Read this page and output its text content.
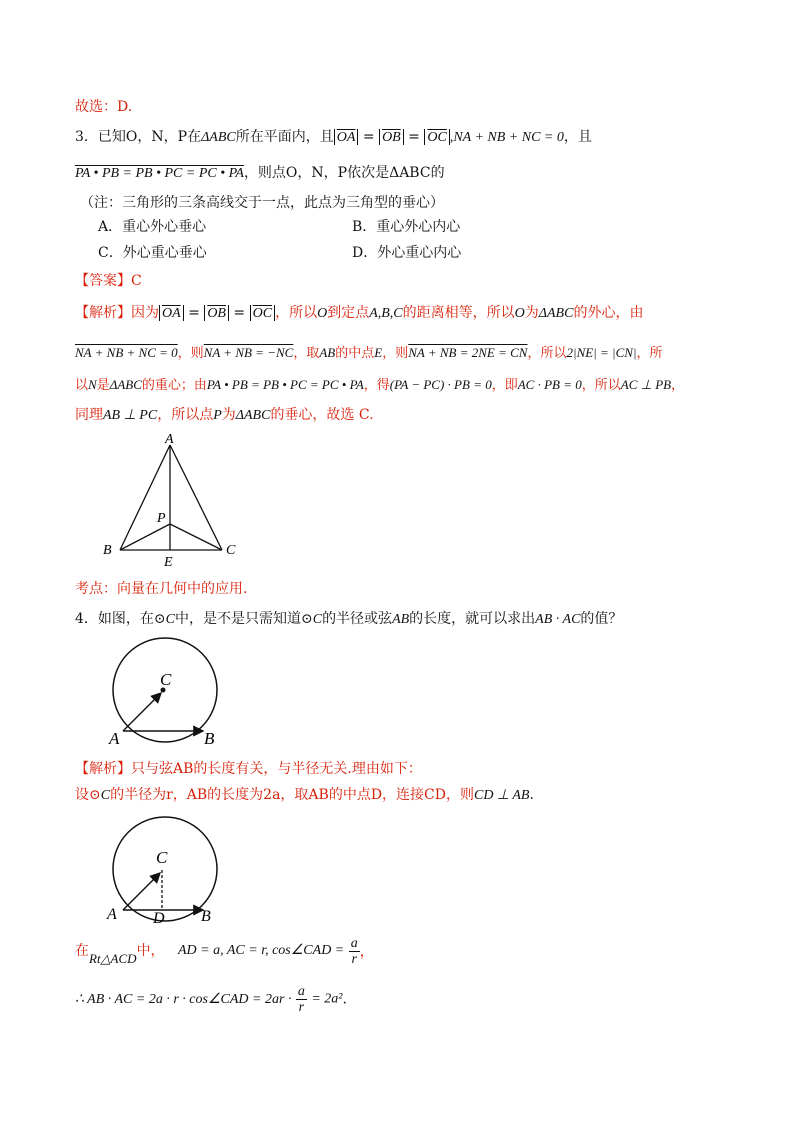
故选：D.
3．已知O，N，P在ΔABC所在平面内，且 $\overline{OA} = \overline{OB} = \overline{OC}$ ,NA + NB + NC = 0，且
PA • PB = PB • PC = PC • PA，则点O，N，P依次是ΔABC的
（注：三角形的三条高线交于一点，此点为三角型的垂心）
A．重心外心垂心	B．重心外心内心
C．外心重心垂心	D．外心重心内心
【答案】C
【解析】因为 $\overline{OA} = \overline{OB} = \overline{OC}$ ，所以O到定点A,B,C的距离相等，所以O为ΔABC的外心，由
NA + NB + NC = 0，则NA + NB = −NC，取AB的中点E，则NA + NB = 2NE = CN，所以2|NE| = |CN|，所
以N是ΔABC的重心；由PA • PB = PB • PC = PC • PA，得(PA − PC) · PB = 0，即AC · PB = 0，所以AC ⊥ PB，
同理AB ⊥ PC，所以点P为ΔABC的垂心，故选 C.
A
B	C
P
E
考点：向量在几何中的应用.
4．如图，在⊙C中，是不是只需知道⊙C的半径或弦AB的长度，就可以求出AB · AC的值？
C
A	B
【解析】只与弦AB的长度有关，与半径无关.理由如下：
设⊙C的半径为r，AB的长度为2a，取AB的中点D，连接CD，则CD ⊥ AB.
C
A D B
在Rt△ACD中， AD = a, AC = r, cos∠CAD = $\frac{a}{r}$ ，
∴ AB · AC = 2a · r · cos∠CAD = $2ar \cdot \frac{a}{r} = 2a^2$.
